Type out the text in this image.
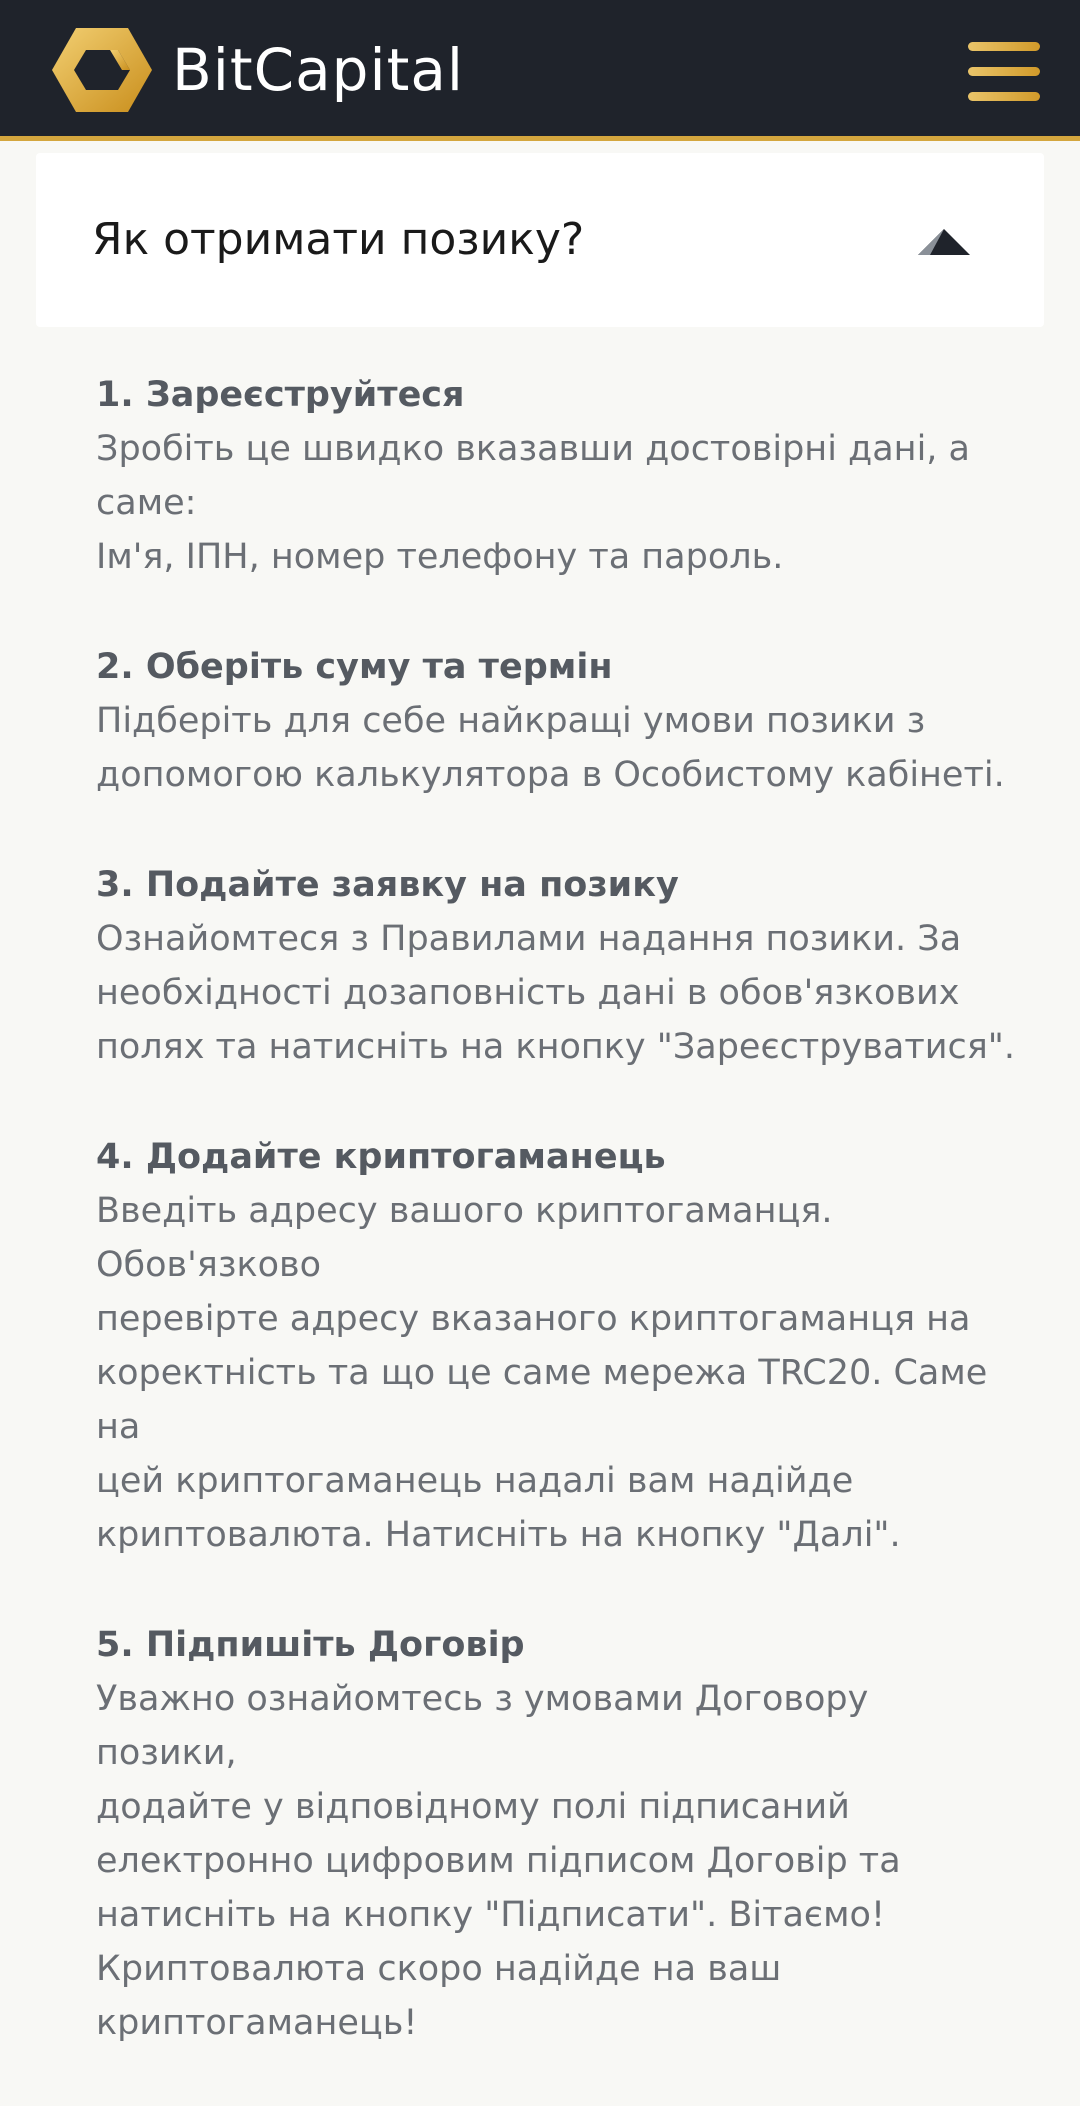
BitCapital
Як отримати позику?

1. Зареєструйтеся

Зробіть це швидко вказавши достовірні дані, а саме:

Ім'я, ІПН, номер телефону та пароль.

2. Оберіть суму та термін

Підберіть для себе найкращі умови позики з

допомогою калькулятора в Особистому кабінеті.

3. Подайте заявку на позику

Ознайомтеся з Правилами надання позики. За

необхідності дозаповність дані в обов'язкових

полях та натисніть на кнопку "Зареєструватися".

4. Додайте криптогаманець

Введіть адресу вашого криптогаманця. Обов'язково

перевірте адресу вказаного криптогаманця на

коректність та що це саме мережа TRC20. Саме на

цей криптогаманець надалі вам надійде

криптовалюта. Натисніть на кнопку "Далі".

5. Підпишіть Договір

Уважно ознайомтесь з умовами Договору позики,

додайте у відповідному полі підписаний

електронно цифровим підписом Договір та

натисніть на кнопку "Підписати". Вітаємо!

Криптовалюта скоро надійде на ваш

криптогаманець!
